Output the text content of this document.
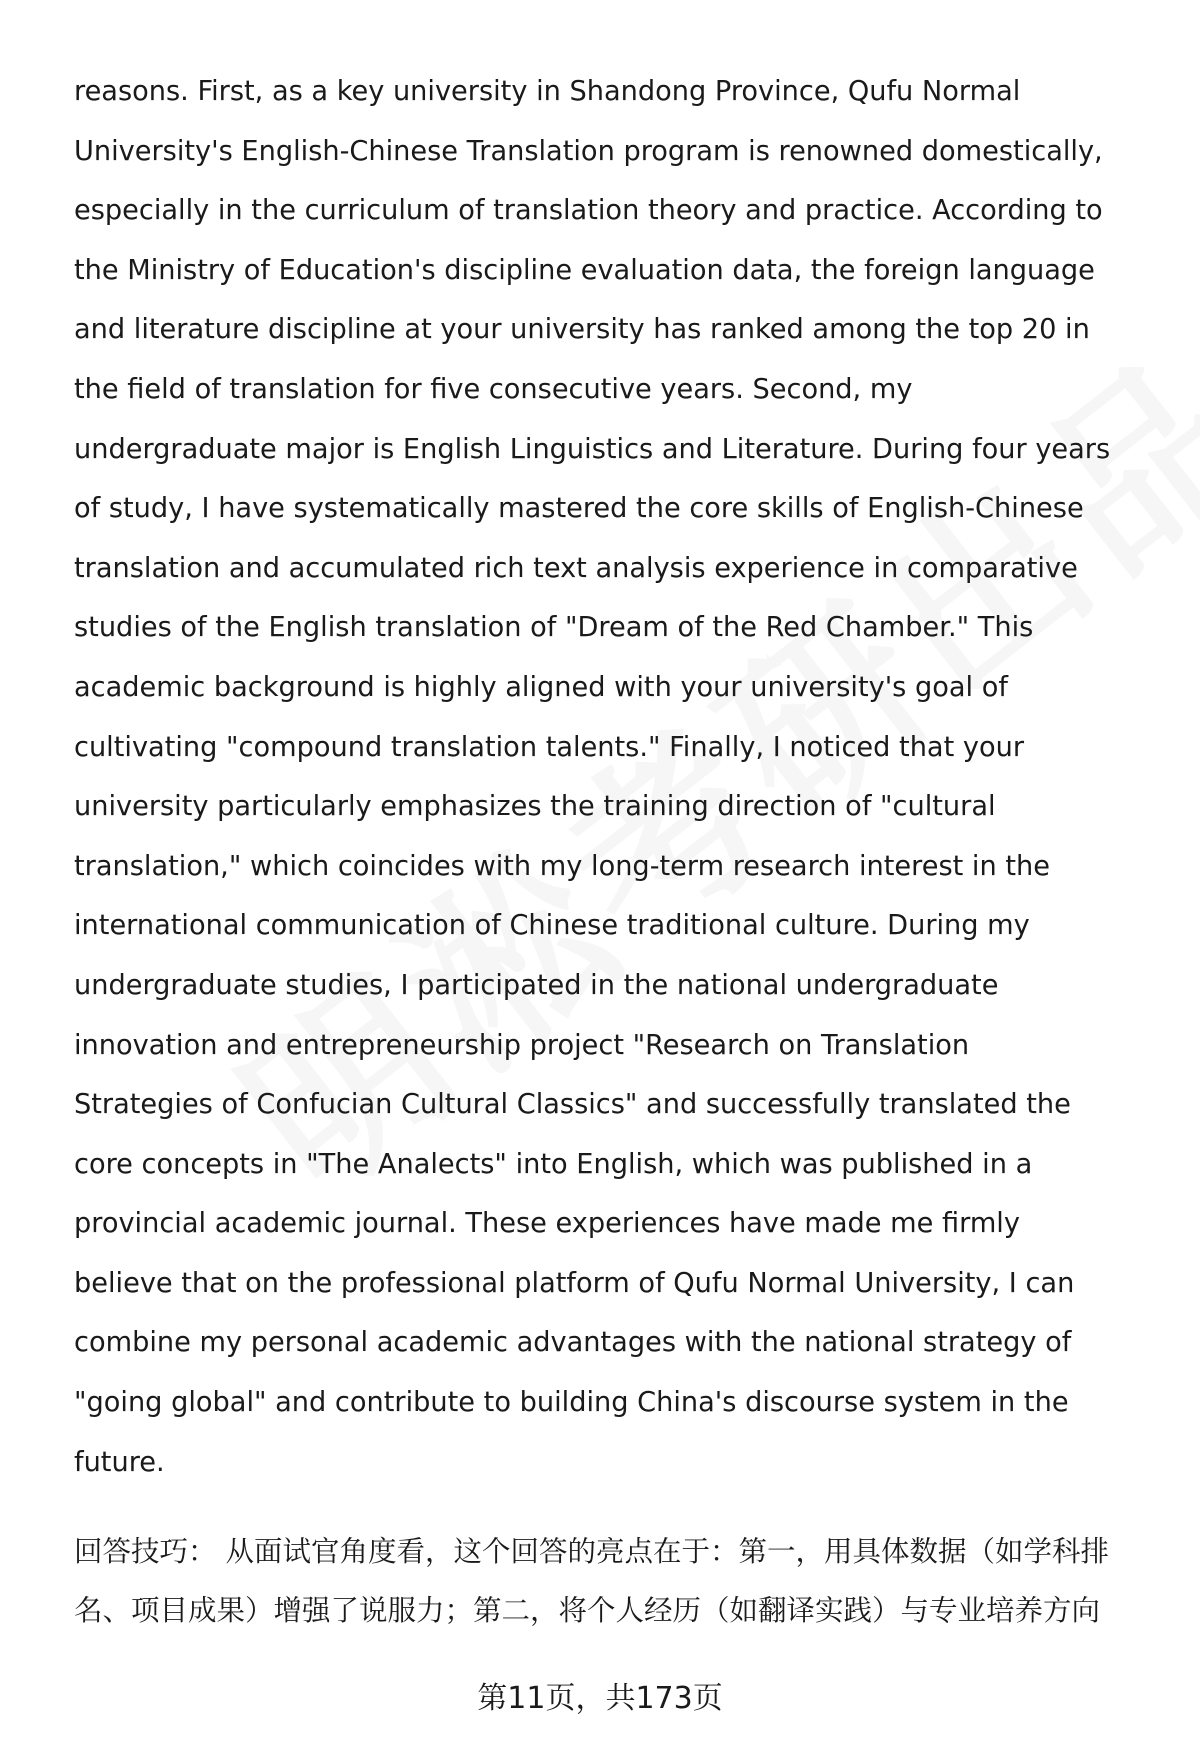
reasons. First, as a key university in Shandong Province, Qufu Normal
University's English-Chinese Translation program is renowned domestically,
especially in the curriculum of translation theory and practice. According to
the Ministry of Education's discipline evaluation data, the foreign language
and literature discipline at your university has ranked among the top 20 in
the field of translation for five consecutive years. Second, my
undergraduate major is English Linguistics and Literature. During four years
of study, I have systematically mastered the core skills of English-Chinese
translation and accumulated rich text analysis experience in comparative
studies of the English translation of "Dream of the Red Chamber." This
academic background is highly aligned with your university's goal of
cultivating "compound translation talents." Finally, I noticed that your
university particularly emphasizes the training direction of "cultural
translation," which coincides with my long-term research interest in the
international communication of Chinese traditional culture. During my
undergraduate studies, I participated in the national undergraduate
innovation and entrepreneurship project "Research on Translation
Strategies of Confucian Cultural Classics" and successfully translated the
core concepts in "The Analects" into English, which was published in a
provincial academic journal. These experiences have made me firmly
believe that on the professional platform of Qufu Normal University, I can
combine my personal academic advantages with the national strategy of
"going global" and contribute to building China's discourse system in the
future.

回答技巧： 从面试官角度看，这个回答的亮点在于：第一，用具体数据（如学科排
名、项目成果）增强了说服力；第二，将个人经历（如翻译实践）与专业培养方向

第11页，共173页
